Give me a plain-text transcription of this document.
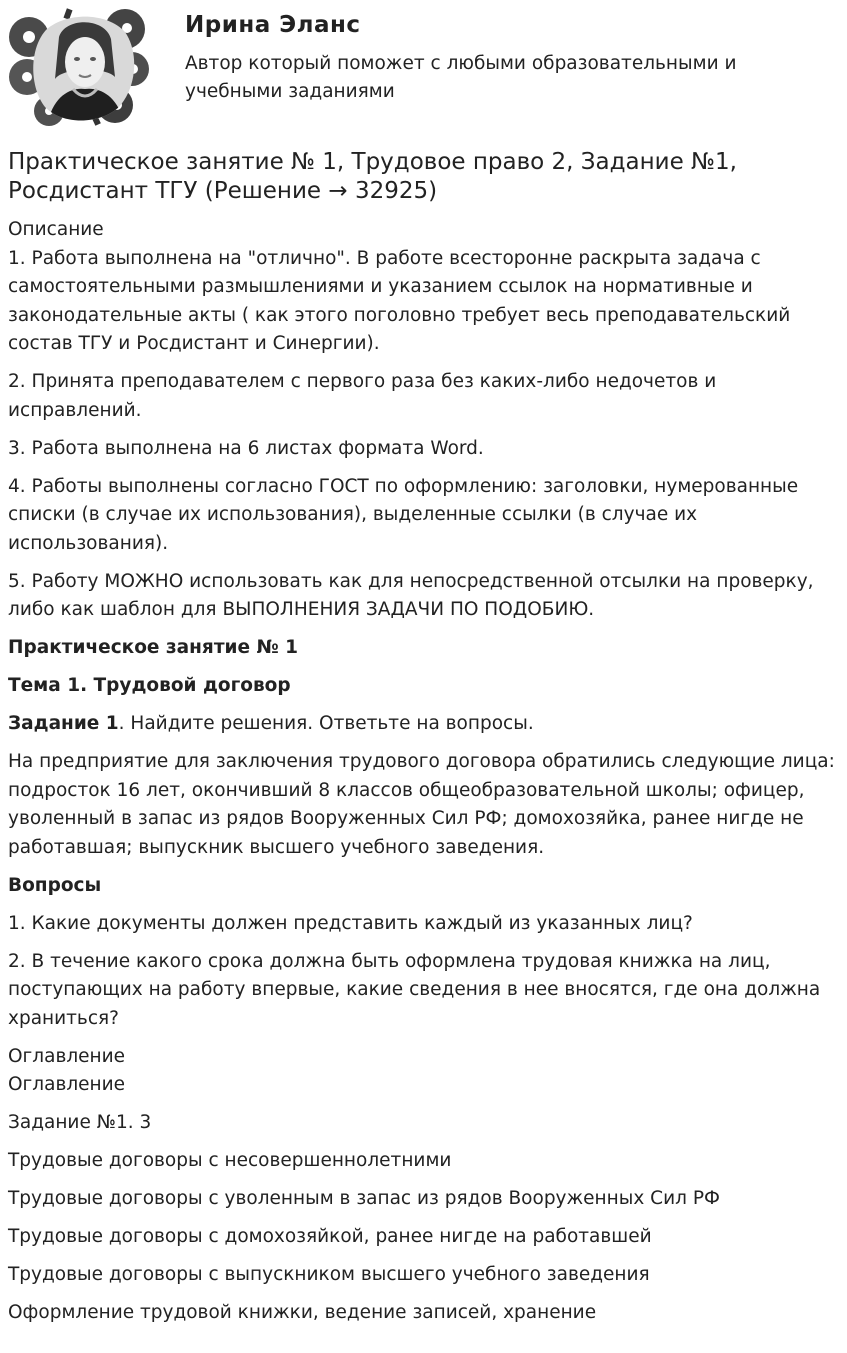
Ирина Эланс
Автор который поможет с любыми образовательными и учебными заданиями
Практическое занятие № 1, Трудовое право 2, Задание №1, Росдистант ТГУ (Решение → 32925)

Описание

1. Работа выполнена на "отлично". В работе всесторонне раскрыта задача с самостоятельными размышлениями и указанием ссылок на нормативные и законодательные акты ( как этого поголовно требует весь преподавательский состав ТГУ и Росдистант и Синергии).

2. Принята преподавателем с первого раза без каких-либо недочетов и исправлений.

3. Работа выполнена на 6 листах формата Word.

4. Работы выполнены согласно ГОСТ по оформлению: заголовки, нумерованные списки (в случае их использования), выделенные ссылки (в случае их использования).

5. Работу МОЖНО использовать как для непосредственной отсылки на проверку, либо как шаблон для ВЫПОЛНЕНИЯ ЗАДАЧИ ПО ПОДОБИЮ.

Практическое занятие № 1

Тема 1. Трудовой договор

Задание 1. Найдите решения. Ответьте на вопросы.

На предприятие для заключения трудового договора обратились следующие лица: подросток 16 лет, окончивший 8 классов общеобразовательной школы; офицер, уволенный в запас из рядов Вооруженных Сил РФ; домохозяйка, ранее нигде не работавшая; выпускник высшего учебного заведения.

Вопросы

1. Какие документы должен представить каждый из указанных лиц?

2. В течение какого срока должна быть оформлена трудовая книжка на лиц, поступающих на работу впервые, какие сведения в нее вносятся, где она должна храниться?

Оглавление

Оглавление

Задание №1. 3

Трудовые договоры с несовершеннолетними

Трудовые договоры с уволенным в запас из рядов Вооруженных Сил РФ

Трудовые договоры с домохозяйкой, ранее нигде на работавшей

Трудовые договоры с выпускником высшего учебного заведения

Оформление трудовой книжки, ведение записей, хранение
